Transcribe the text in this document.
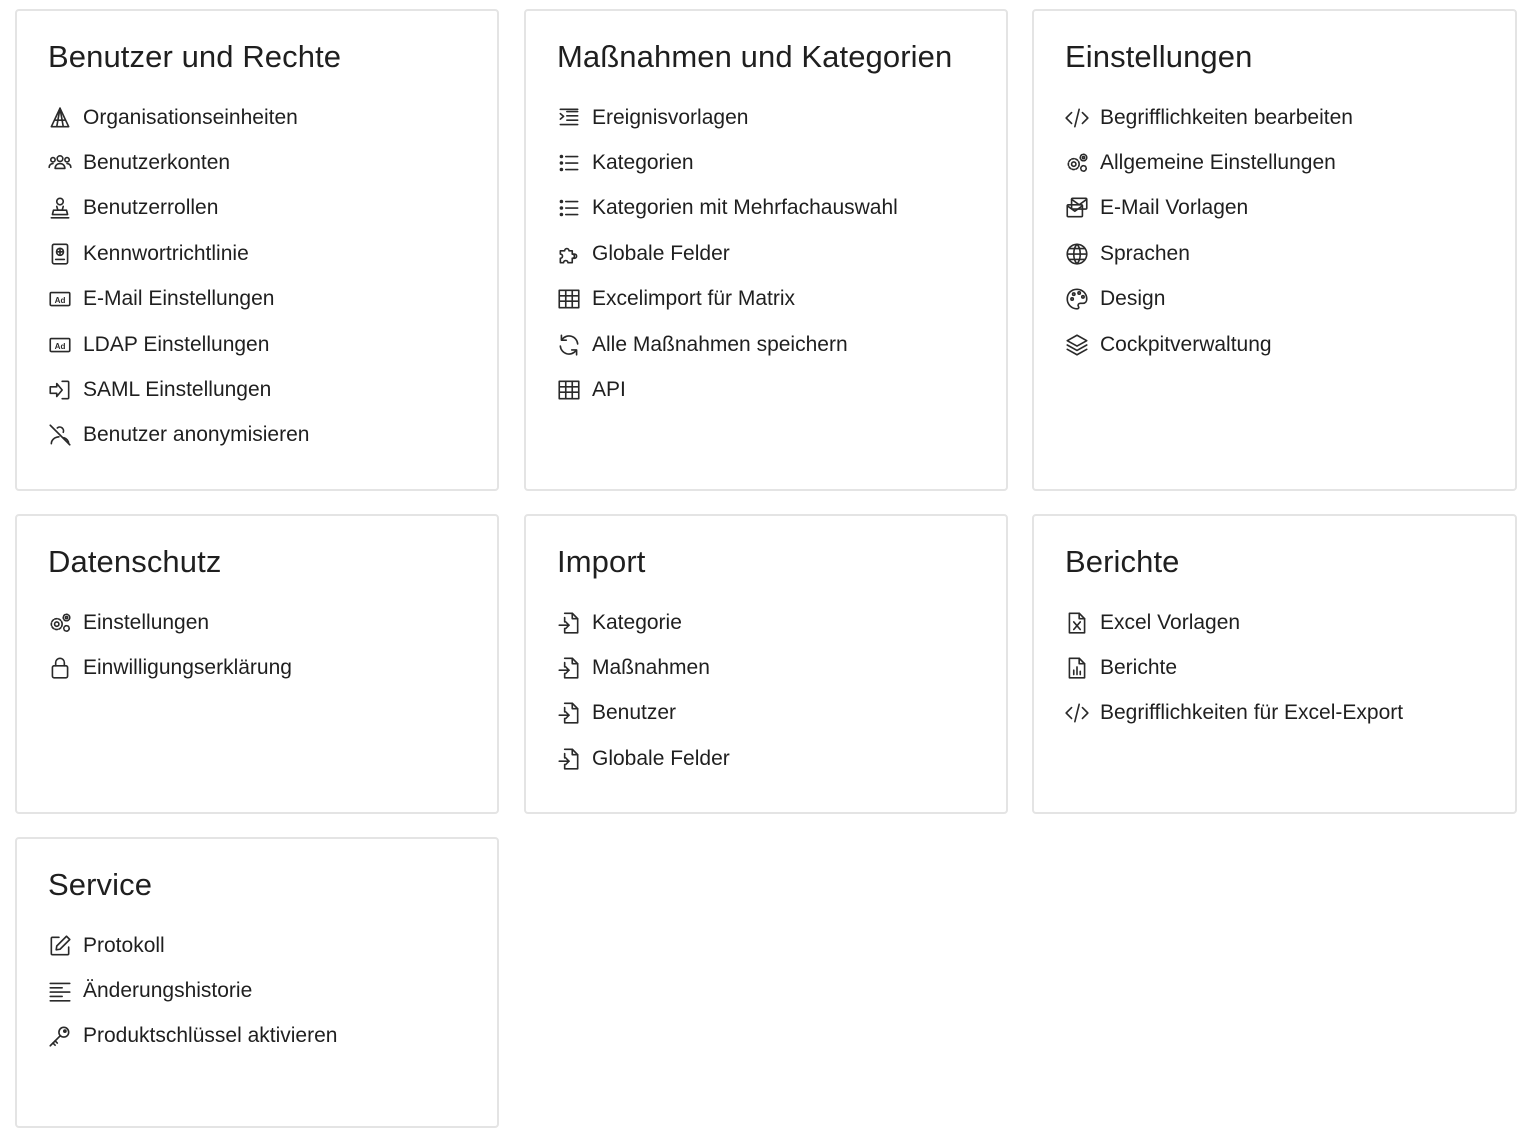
Benutzer und Rechte
Organisationseinheiten
Benutzerkonten
Benutzerrollen
Kennwortrichtlinie
Ad E-Mail Einstellungen
Ad LDAP Einstellungen
SAML Einstellungen
Benutzer anonymisieren
Maßnahmen und Kategorien
Ereignisvorlagen
Kategorien
Kategorien mit Mehrfachauswahl
Globale Felder
Excelimport für Matrix
Alle Maßnahmen speichern
API
Einstellungen
Begrifflichkeiten bearbeiten
Allgemeine Einstellungen
E-Mail Vorlagen
Sprachen
Design
Cockpitverwaltung
Datenschutz
Einstellungen
Einwilligungserklärung
Import
Kategorie
Maßnahmen
Benutzer
Globale Felder
Berichte
Excel Vorlagen
Berichte
Begrifflichkeiten für Excel-Export
Service
Protokoll
Änderungshistorie
Produktschlüssel aktivieren
